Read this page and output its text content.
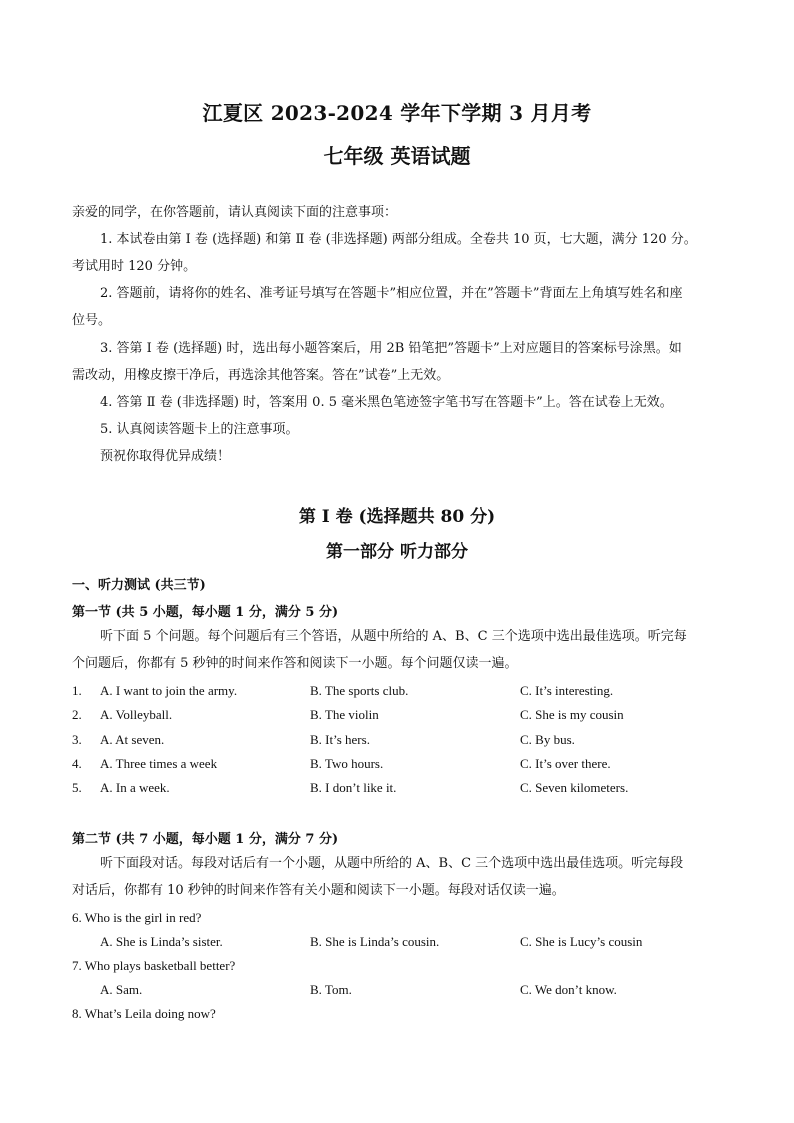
江夏区 2023-2024 学年下学期 3 月月考
七年级 英语试题
亲爱的同学，在你答题前，请认真阅读下面的注意事项：
1. 本试卷由第 I 卷 (选择题) 和第 Ⅱ 卷 (非选择题) 两部分组成。全卷共 10 页，七大题，满分 120 分。
考试用时 120 分钟。
2. 答题前，请将你的姓名、准考证号填写在答题卡”相应位置，并在”答题卡”背面左上角填写姓名和座
位号。
3. 答第 I 卷 (选择题) 时，选出每小题答案后，用 2B 铅笔把”答题卡”上对应题目的答案标号涂黑。如
需改动，用橡皮擦干净后，再选涂其他答案。答在”试卷”上无效。
4. 答第 Ⅱ 卷 (非选择题) 时，答案用 0. 5 毫米黑色笔迹签字笔书写在答题卡”上。答在试卷上无效。
5. 认真阅读答题卡上的注意事项。
预祝你取得优异成绩！
第 I 卷 (选择题共 80 分)
第一部分 听力部分
一、听力测试 (共三节)
第一节 (共 5 小题，每小题 1 分，满分 5 分)
听下面 5 个问题。每个问题后有三个答语，从题中所给的 A、B、C 三个选项中选出最佳选项。听完每
个问题后，你都有 5 秒钟的时间来作答和阅读下一小题。每个问题仅读一遍。
1. A. I want to join the army.	B. The sports club.	C. It’s interesting.
2. A. Volleyball.	B. The violin	C. She is my cousin
3. A. At seven.	B. It’s hers.	C. By bus.
4. A. Three times a week	B. Two hours.	C. It’s over there.
5. A. In a week.	B. I don’t like it.	C. Seven kilometers.
第二节 (共 7 小题，每小题 1 分，满分 7 分)
听下面段对话。每段对话后有一个小题，从题中所给的 A、B、C 三个选项中选出最佳选项。听完每段
对话后，你都有 10 秒钟的时间来作答有关小题和阅读下一小题。每段对话仅读一遍。
6. Who is the girl in red?
A. She is Linda’s sister.	B. She is Linda’s cousin.	C. She is Lucy’s cousin
7. Who plays basketball better?
A. Sam.	B. Tom.	C. We don’t know.
8. What’s Leila doing now?
